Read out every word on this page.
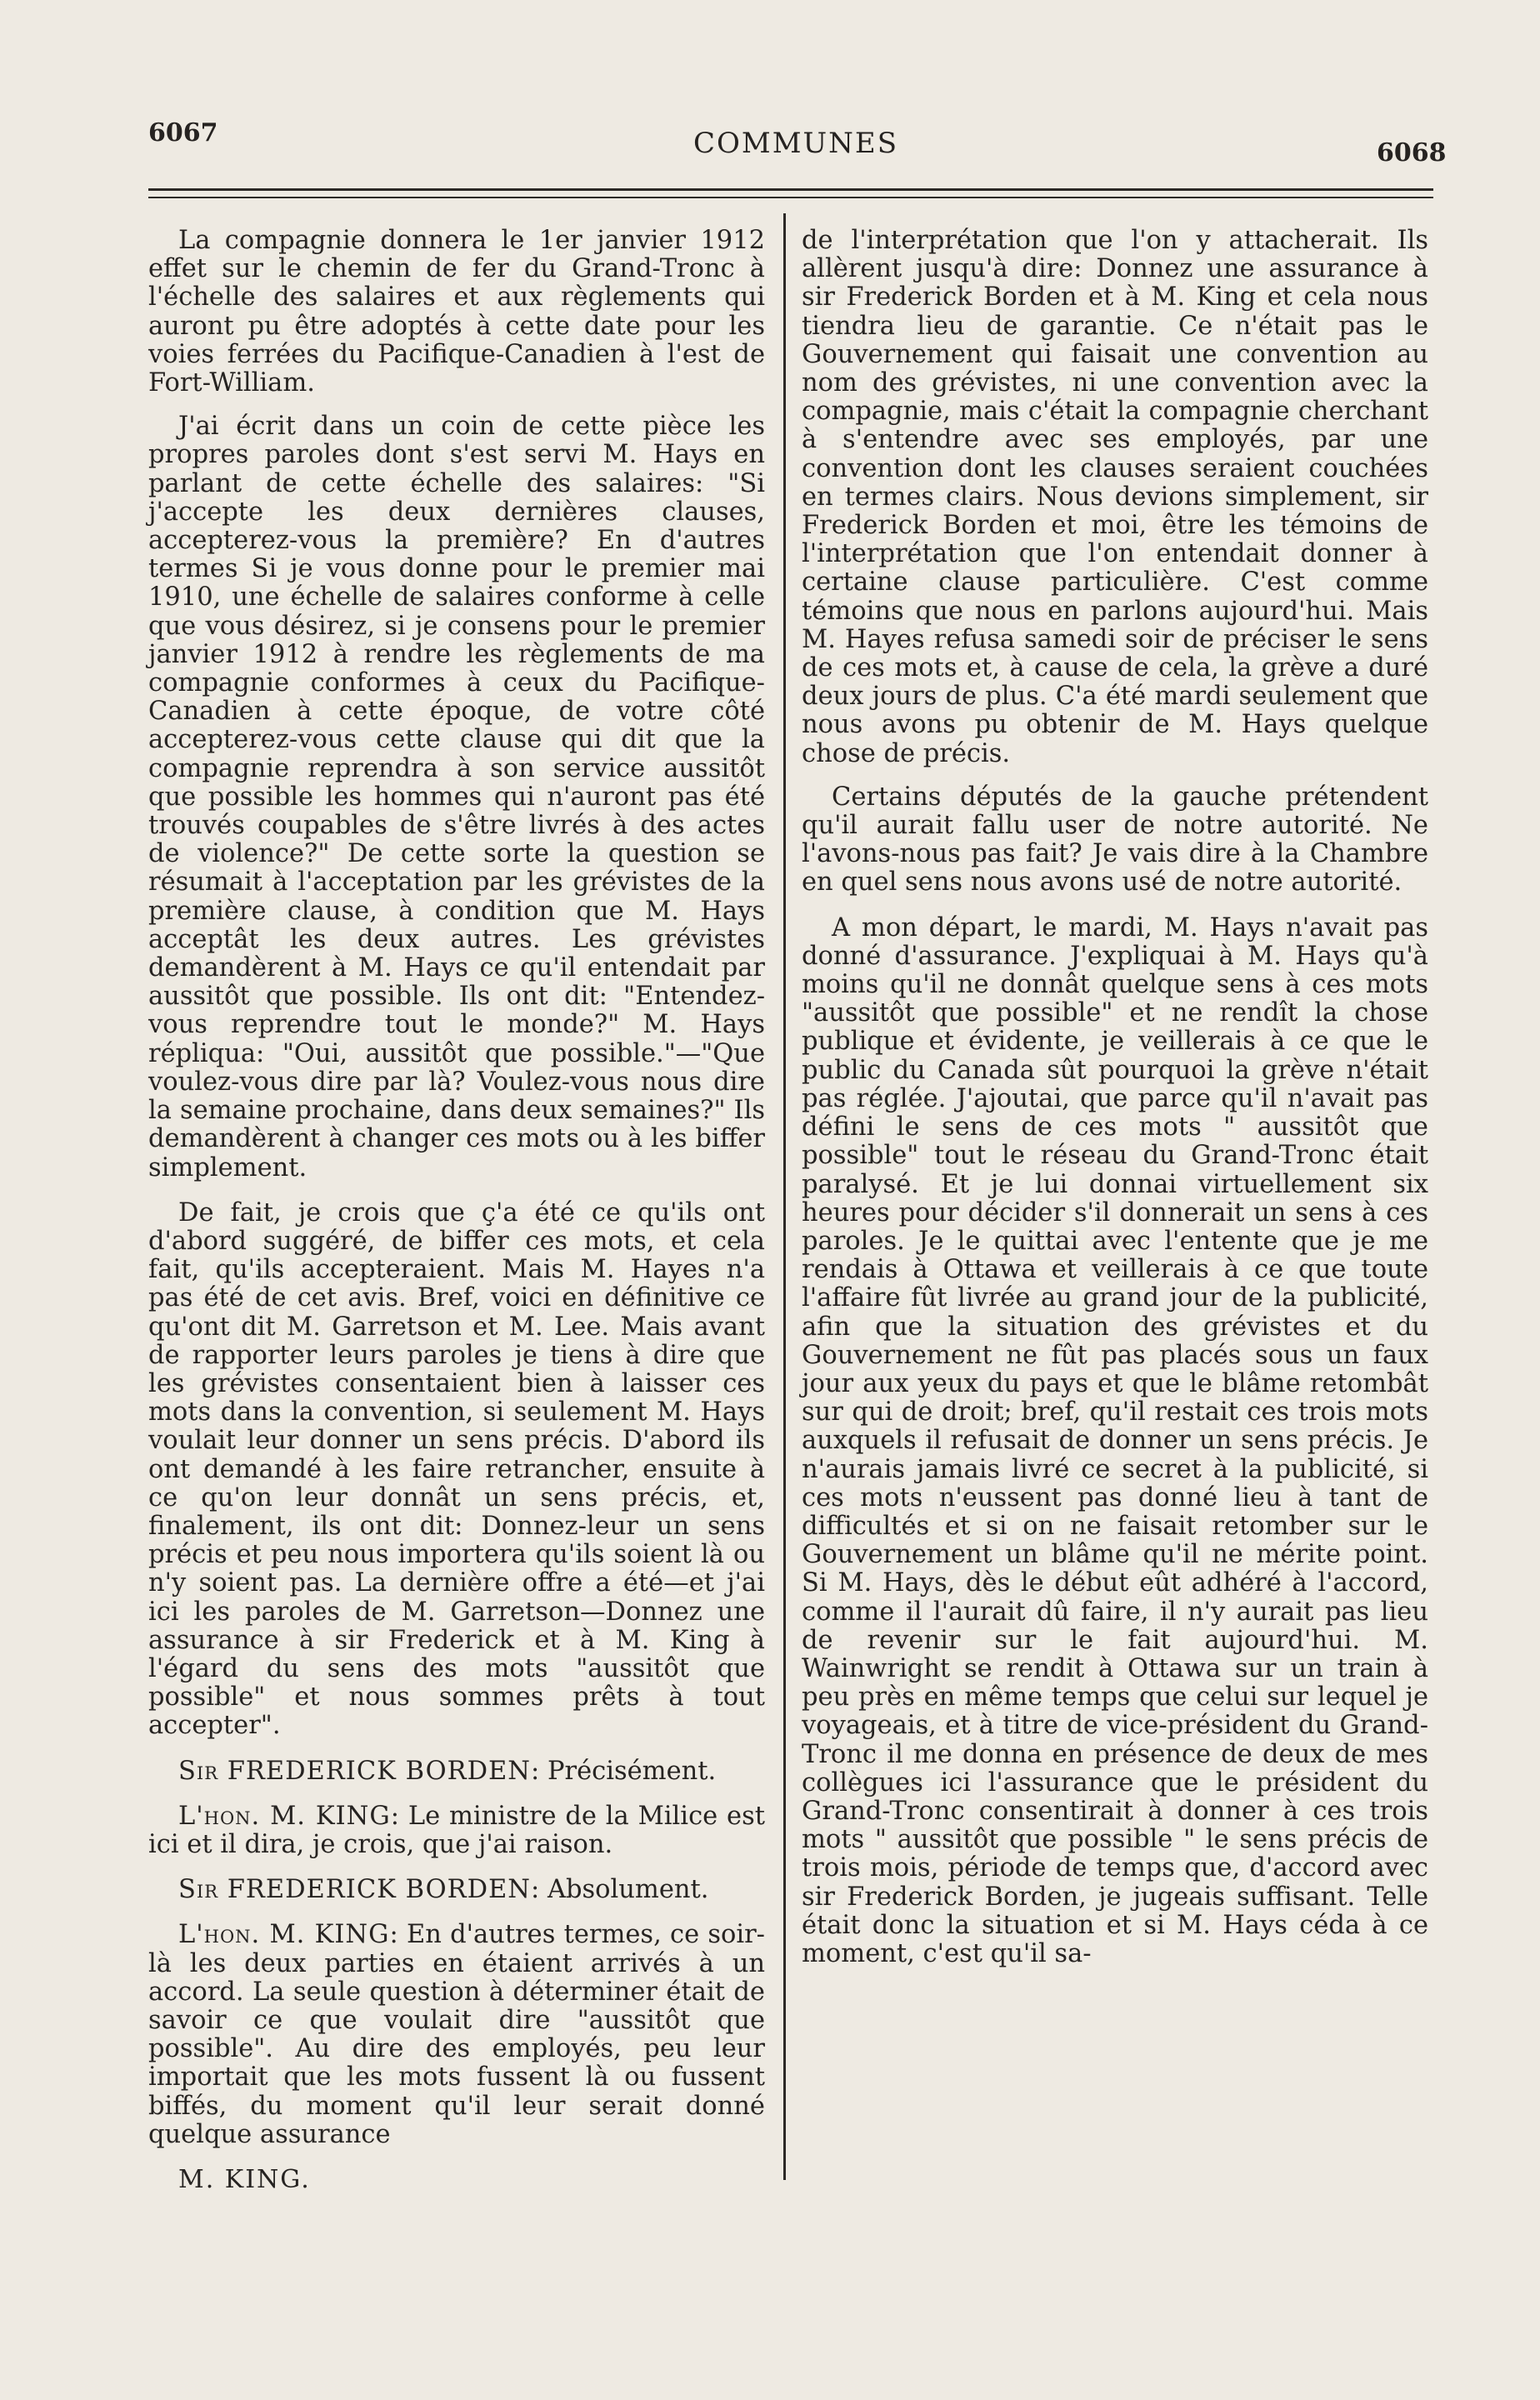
6067	COMMUNES	6068

La compagnie donnera le 1er janvier 1912 effet sur le chemin de fer du Grand-Tronc à l'échelle des salaires et aux règlements qui auront pu être adoptés à cette date pour les voies ferrées du Pacifique-Canadien à l'est de Fort-William.

J'ai écrit dans un coin de cette pièce les propres paroles dont s'est servi M. Hays en parlant de cette échelle des salaires: "Si j'accepte les deux dernières clauses, accepterez-vous la première? En d'autres termes Si je vous donne pour le premier mai 1910, une échelle de salaires conforme à celle que vous désirez, si je consens pour le premier janvier 1912 à rendre les règlements de ma compagnie conformes à ceux du Pacifique-Canadien à cette époque, de votre côté accepterez-vous cette clause qui dit que la compagnie reprendra à son service aussitôt que possible les hommes qui n'auront pas été trouvés coupables de s'être livrés à des actes de violence?" De cette sorte la question se résumait à l'acceptation par les grévistes de la première clause, à condition que M. Hays acceptât les deux autres. Les grévistes demandèrent à M. Hays ce qu'il entendait par aussitôt que possible. Ils ont dit: "Entendez-vous reprendre tout le monde?" M. Hays répliqua: "Oui, aussitôt que possible."—"Que voulez-vous dire par là? Voulez-vous nous dire la semaine prochaine, dans deux semaines?" Ils demandèrent à changer ces mots ou à les biffer simplement.

De fait, je crois que ç'a été ce qu'ils ont d'abord suggéré, de biffer ces mots, et cela fait, qu'ils accepteraient. Mais M. Hayes n'a pas été de cet avis. Bref, voici en définitive ce qu'ont dit M. Garretson et M. Lee. Mais avant de rapporter leurs paroles je tiens à dire que les grévistes consentaient bien à laisser ces mots dans la convention, si seulement M. Hays voulait leur donner un sens précis. D'abord ils ont demandé à les faire retrancher, ensuite à ce qu'on leur donnât un sens précis, et, finalement, ils ont dit: Donnez-leur un sens précis et peu nous importera qu'ils soient là ou n'y soient pas. La dernière offre a été—et j'ai ici les paroles de M. Garretson—Donnez une assurance à sir Frederick et à M. King à l'égard du sens des mots "aussitôt que possible" et nous sommes prêts à tout accepter".

Sir FREDERICK BORDEN: Précisément.

L'hon. M. KING: Le ministre de la Milice est ici et il dira, je crois, que j'ai raison.

Sir FREDERICK BORDEN: Absolument.

L'hon. M. KING: En d'autres termes, ce soir-là les deux parties en étaient arrivés à un accord. La seule question à déterminer était de savoir ce que voulait dire "aussitôt que possible". Au dire des employés, peu leur importait que les mots fussent là ou fussent biffés, du moment qu'il leur serait donné quelque assurance

M. KING.

de l'interprétation que l'on y attacherait. Ils allèrent jusqu'à dire: Donnez une assurance à sir Frederick Borden et à M. King et cela nous tiendra lieu de garantie. Ce n'était pas le Gouvernement qui faisait une convention au nom des grévistes, ni une convention avec la compagnie, mais c'était la compagnie cherchant à s'entendre avec ses employés, par une convention dont les clauses seraient couchées en termes clairs. Nous devions simplement, sir Frederick Borden et moi, être les témoins de l'interprétation que l'on entendait donner à certaine clause particulière. C'est comme témoins que nous en parlons aujourd'hui. Mais M. Hayes refusa samedi soir de préciser le sens de ces mots et, à cause de cela, la grève a duré deux jours de plus. C'a été mardi seulement que nous avons pu obtenir de M. Hays quelque chose de précis.

Certains députés de la gauche prétendent qu'il aurait fallu user de notre autorité. Ne l'avons-nous pas fait? Je vais dire à la Chambre en quel sens nous avons usé de notre autorité.

A mon départ, le mardi, M. Hays n'avait pas donné d'assurance. J'expliquai à M. Hays qu'à moins qu'il ne donnât quelque sens à ces mots "aussitôt que possible" et ne rendît la chose publique et évidente, je veillerais à ce que le public du Canada sût pourquoi la grève n'était pas réglée. J'ajoutai, que parce qu'il n'avait pas défini le sens de ces mots " aussitôt que possible" tout le réseau du Grand-Tronc était paralysé. Et je lui donnai virtuellement six heures pour décider s'il donnerait un sens à ces paroles. Je le quittai avec l'entente que je me rendais à Ottawa et veillerais à ce que toute l'affaire fût livrée au grand jour de la publicité, afin que la situation des grévistes et du Gouvernement ne fût pas placés sous un faux jour aux yeux du pays et que le blâme retombât sur qui de droit; bref, qu'il restait ces trois mots auxquels il refusait de donner un sens précis. Je n'aurais jamais livré ce secret à la publicité, si ces mots n'eussent pas donné lieu à tant de difficultés et si on ne faisait retomber sur le Gouvernement un blâme qu'il ne mérite point. Si M. Hays, dès le début eût adhéré à l'accord, comme il l'aurait dû faire, il n'y aurait pas lieu de revenir sur le fait aujourd'hui. M. Wainwright se rendit à Ottawa sur un train à peu près en même temps que celui sur lequel je voyageais, et à titre de vice-président du Grand-Tronc il me donna en présence de deux de mes collègues ici l'assurance que le président du Grand-Tronc consentirait à donner à ces trois mots " aussitôt que possible " le sens précis de trois mois, période de temps que, d'accord avec sir Frederick Borden, je jugeais suffisant. Telle était donc la situation et si M. Hays céda à ce moment, c'est qu'il sa-
